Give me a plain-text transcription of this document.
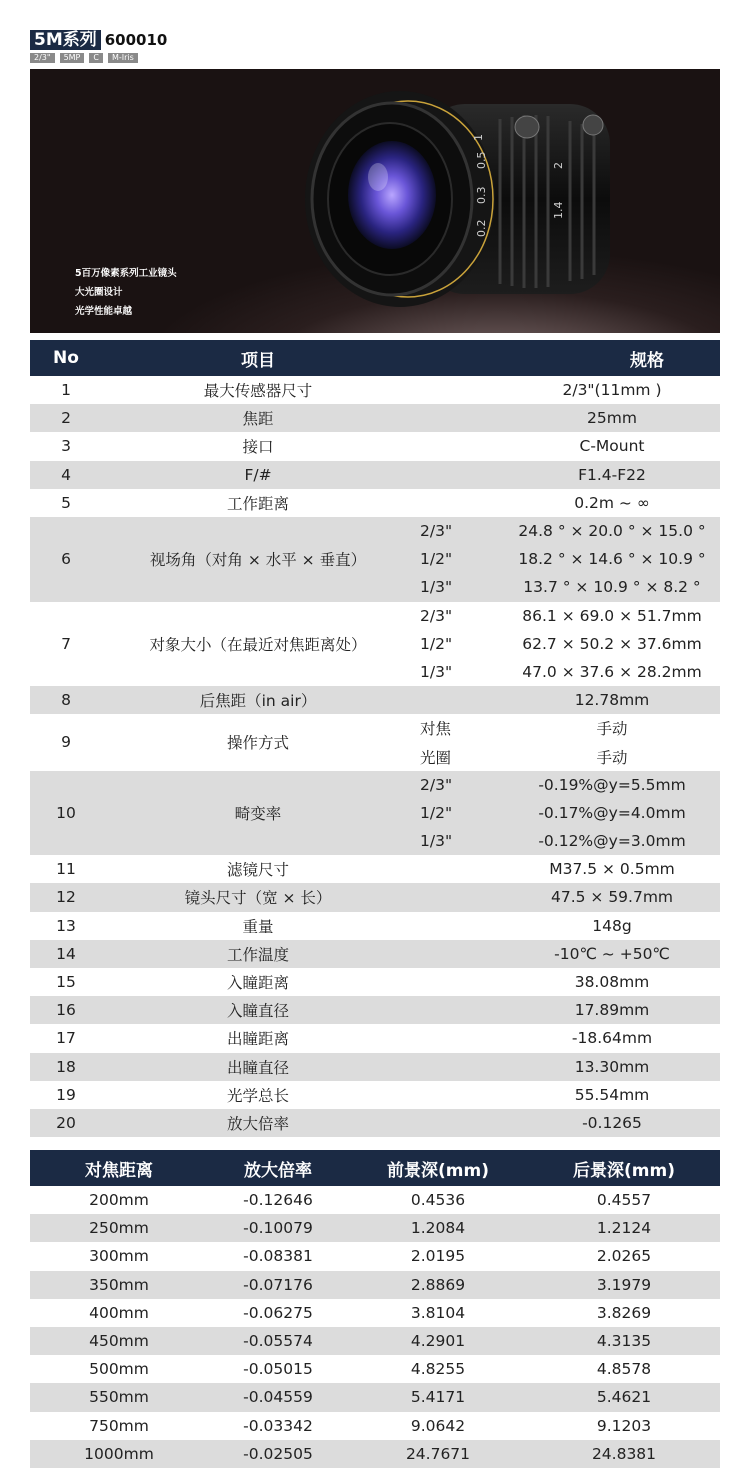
5M系列 600010
2/3"	5MP	C	M-Iris
0.5
0.3
0.2
1
2
1.4
5百万像素系列工业镜头
大光圈设计
光学性能卓越
No	项目	规格	
1	最大传感器尺寸		2/3"(11mm )
2	焦距		25mm
3	接口		C-Mount
4	F/#		F1.4-F22
5	工作距离		0.2m ~ ∞
6	视场角（对角 × 水平 × 垂直）	2/3"	24.8 ° × 20.0 ° × 15.0 °
		1/2"	18.2 ° × 14.6 ° × 10.9 °
		1/3"	13.7 ° × 10.9 ° × 8.2 °
7	对象大小（在最近对焦距离处）	2/3"	86.1 × 69.0 × 51.7mm
		1/2"	62.7 × 50.2 × 37.6mm
		1/3"	47.0 × 37.6 × 28.2mm
8	后焦距（in air）		12.78mm
9	操作方式	对焦	手动
		光圈	手动
10	畸变率	2/3"	-0.19%@y=5.5mm
		1/2"	-0.17%@y=4.0mm
		1/3"	-0.12%@y=3.0mm
11	滤镜尺寸		M37.5 × 0.5mm
12	镜头尺寸（宽 × 长）		47.5 × 59.7mm
13	重量		148g
14	工作温度		-10℃ ~ +50℃
15	入瞳距离		38.08mm
16	入瞳直径		17.89mm
17	出瞳距离		-18.64mm
18	出瞳直径		13.30mm
19	光学总长		55.54mm
20	放大倍率		-0.1265
对焦距离	放大倍率	前景深(mm)	后景深(mm)
200mm	-0.12646	0.4536	0.4557
250mm	-0.10079	1.2084	1.2124
300mm	-0.08381	2.0195	2.0265
350mm	-0.07176	2.8869	3.1979
400mm	-0.06275	3.8104	3.8269
450mm	-0.05574	4.2901	4.3135
500mm	-0.05015	4.8255	4.8578
550mm	-0.04559	5.4171	5.4621
750mm	-0.03342	9.0642	9.1203
1000mm	-0.02505	24.7671	24.8381
